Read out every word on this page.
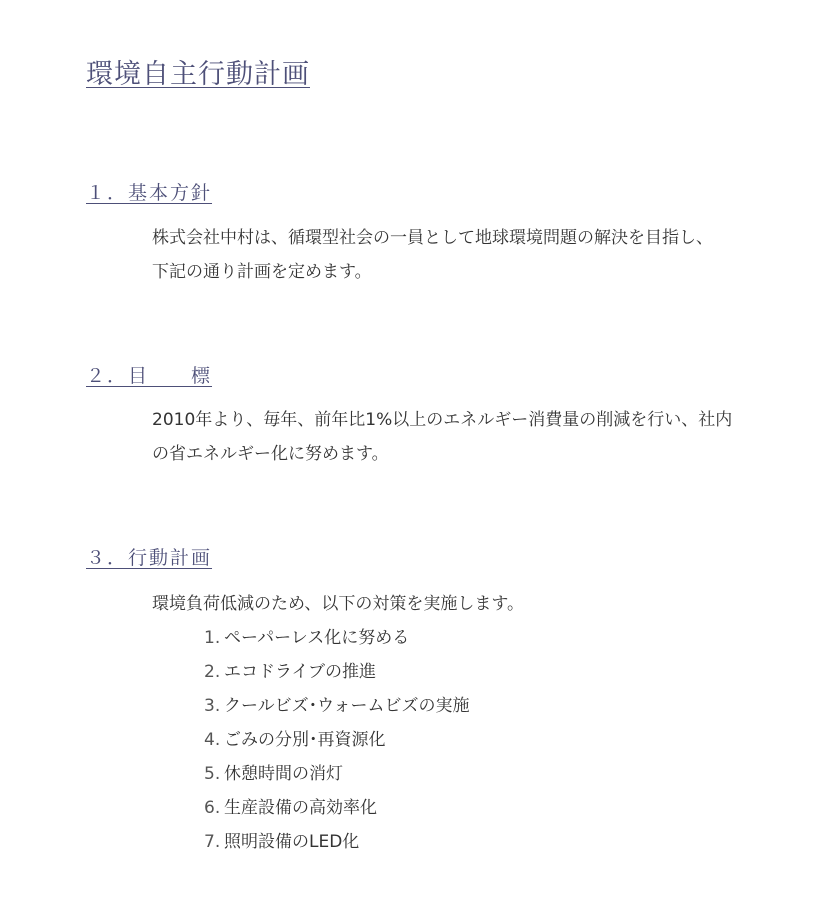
環境自主行動計画
１．基本方針

株式会社中村は、循環型社会の一員として地球環境問題の解決を目指し、

下記の通り計画を定めます。

２．目　　標

2010年より、毎年、前年比1%以上のエネルギー消費量の削減を行い、社内

の省エネルギー化に努めます。

３．行動計画

環境負荷低減のため、以下の対策を実施します。

1. ペーパーレス化に努める
2. エコドライブの推進
3. クールビズ･ウォームビズの実施
4. ごみの分別･再資源化
5. 休憩時間の消灯
6. 生産設備の高効率化
7. 照明設備のLED化
